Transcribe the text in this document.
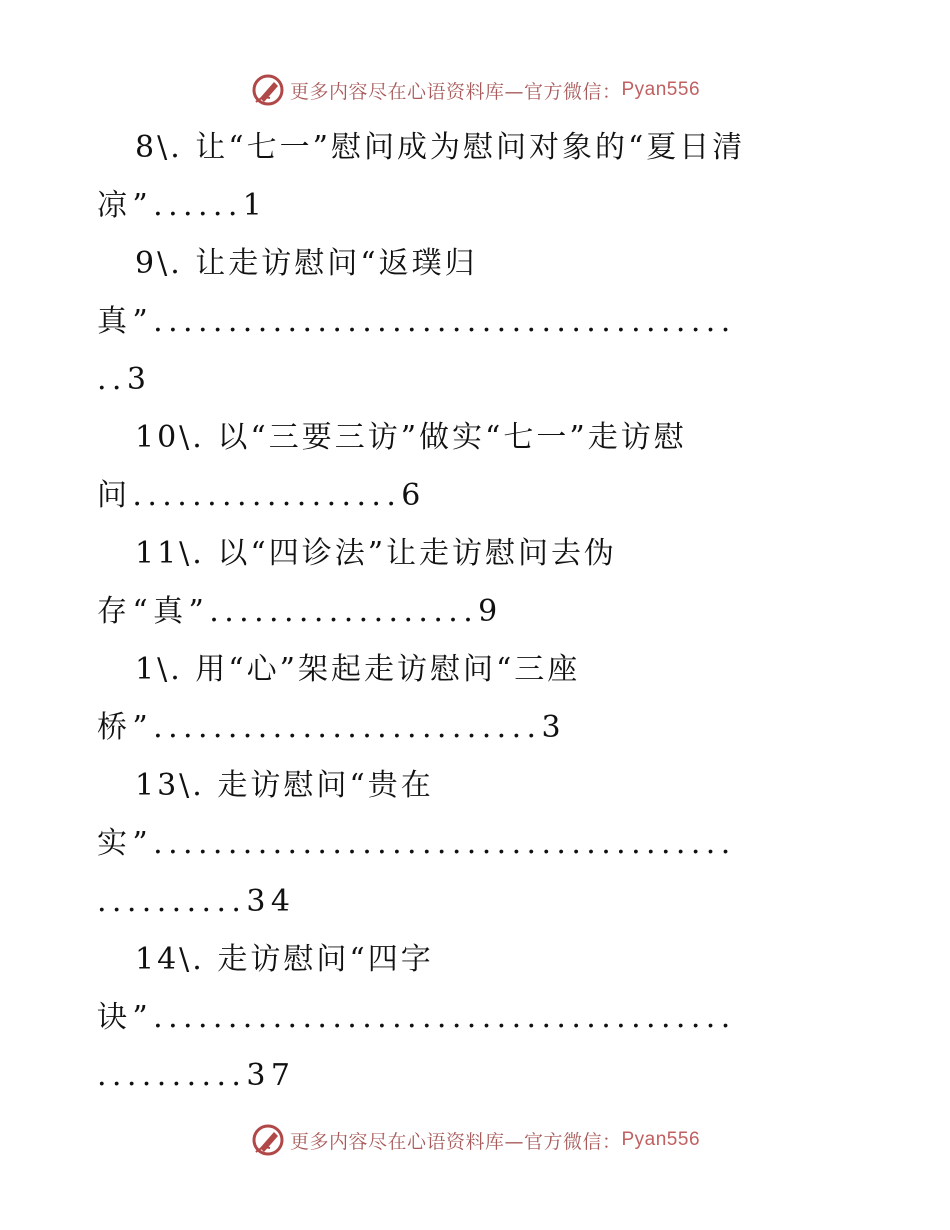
更多内容尽在心语资料库—官方微信： Pyan556
8\. 让“七一”慰问成为慰问对象的“夏日清
凉”......1
9\. 让走访慰问“返璞归
真”.......................................
..3
10\. 以“三要三访”做实“七一”走访慰
问..................6
11\. 以“四诊法”让走访慰问去伪
存“真”..................9
1\. 用“心”架起走访慰问“三座
桥”..........................3
13\. 走访慰问“贵在
实”.......................................
..........34
14\. 走访慰问“四字
诀”.......................................
..........37
更多内容尽在心语资料库—官方微信： Pyan556
